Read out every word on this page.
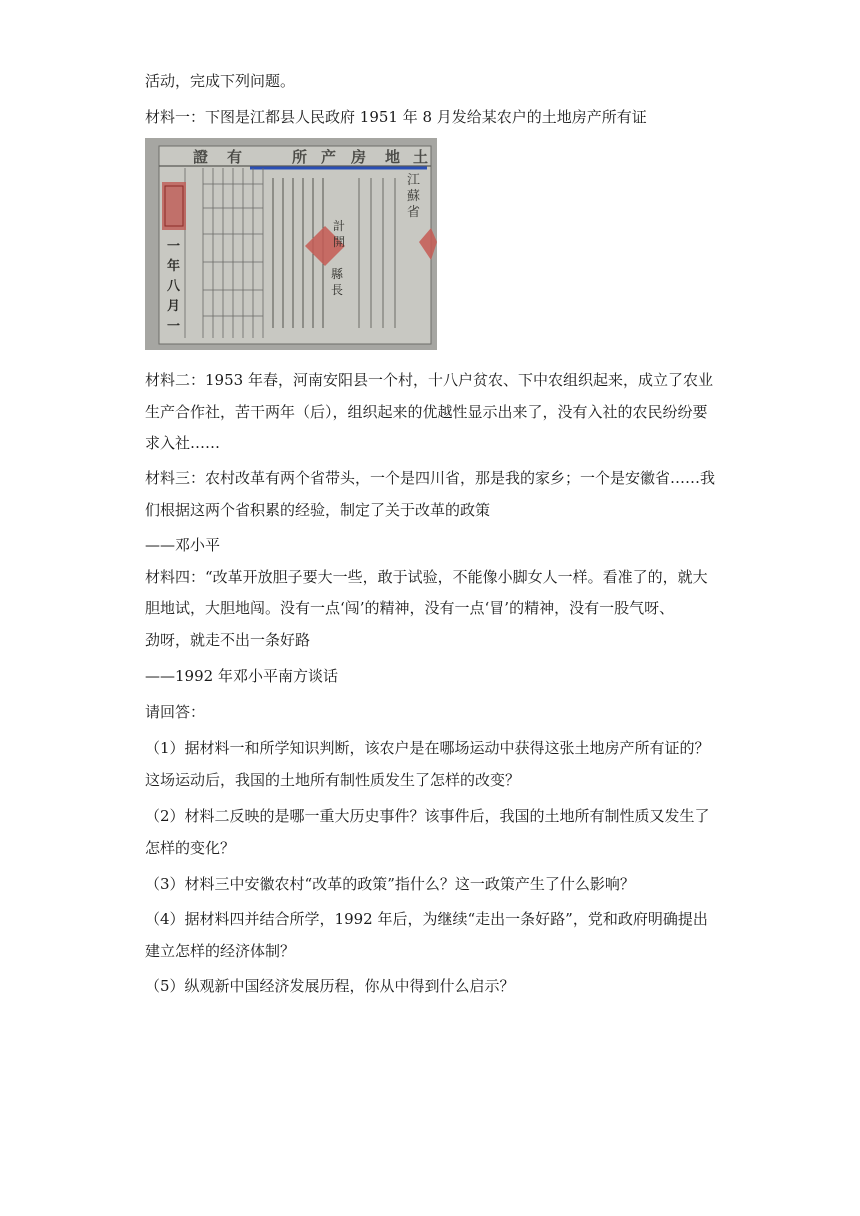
活动，完成下列问题。
材料一：下图是江都县人民政府 1951 年 8 月发给某农户的土地房产所有证
土
地
房
产
所
有
證
江
蘇
省
計
開
縣
長
一
年
八
月
一
材料二：1953 年春，河南安阳县一个村，十八户贫农、下中农组织起来，成立了农业
生产合作社，苦干两年（后），组织起来的优越性显示出来了，没有入社的农民纷纷要
求入社……
材料三：农村改革有两个省带头，一个是四川省，那是我的家乡；一个是安徽省……我
们根据这两个省积累的经验，制定了关于改革的政策
——邓小平
材料四：“改革开放胆子要大一些，敢于试验，不能像小脚女人一样。看准了的，就大
胆地试，大胆地闯。没有一点‘闯’的精神，没有一点‘冒’的精神，没有一股气呀、
劲呀，就走不出一条好路
——1992 年邓小平南方谈话
请回答：
（1）据材料一和所学知识判断，该农户是在哪场运动中获得这张土地房产所有证的？
这场运动后，我国的土地所有制性质发生了怎样的改变？
（2）材料二反映的是哪一重大历史事件？该事件后，我国的土地所有制性质又发生了
怎样的变化？
（3）材料三中安徽农村“改革的政策”指什么？这一政策产生了什么影响？
（4）据材料四并结合所学，1992 年后，为继续“走出一条好路”，党和政府明确提出
建立怎样的经济体制？
（5）纵观新中国经济发展历程，你从中得到什么启示？
